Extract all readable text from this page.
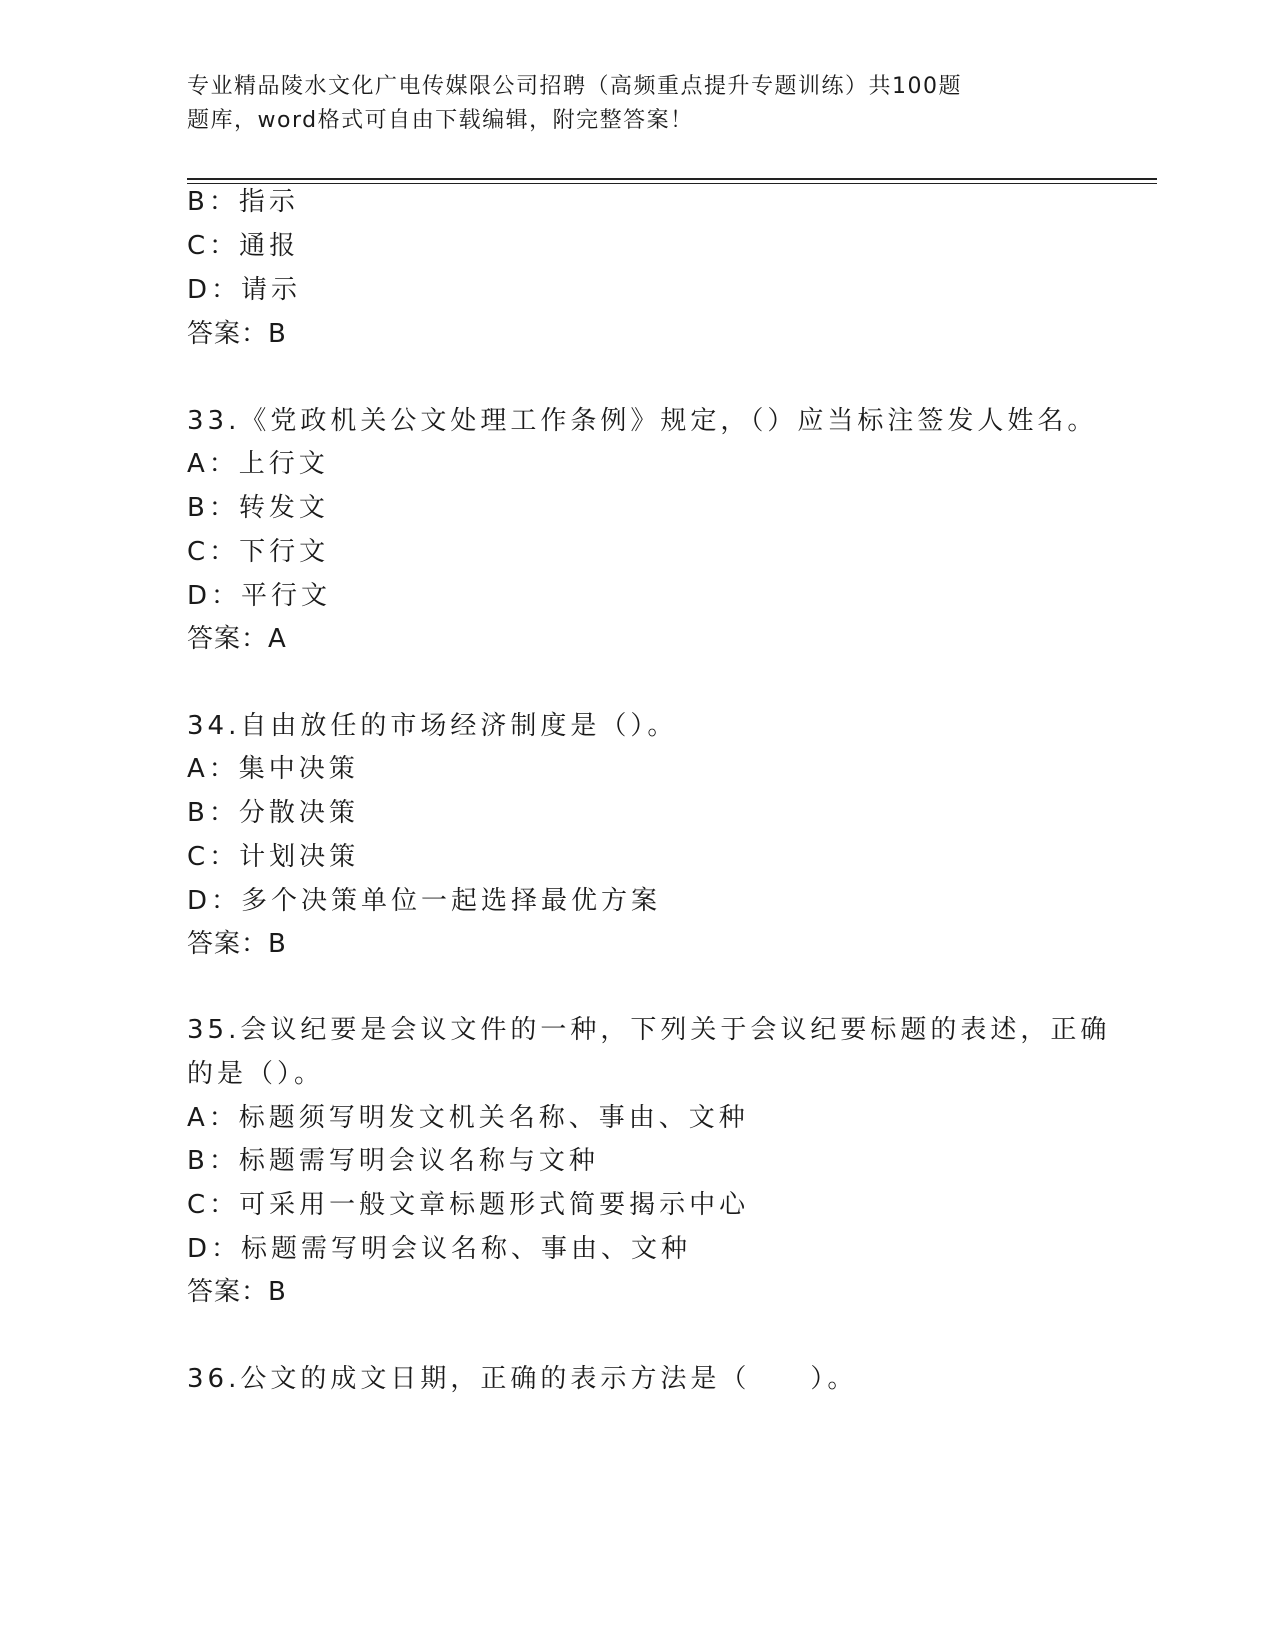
专业精品陵水文化广电传媒限公司招聘（高频重点提升专题训练）共100题
题库，word格式可自由下载编辑，附完整答案！
B：指示
C：通报
D：请示
答案：B
33.《党政机关公文处理工作条例》规定，（）应当标注签发人姓名。
A：上行文
B：转发文
C：下行文
D：平行文
答案：A
34.自由放任的市场经济制度是（）。
A：集中决策
B：分散决策
C：计划决策
D：多个决策单位一起选择最优方案
答案：B
35.会议纪要是会议文件的一种，下列关于会议纪要标题的表述，正确
的是（）。
A：标题须写明发文机关名称、事由、文种
B：标题需写明会议名称与文种
C：可采用一般文章标题形式简要揭示中心
D：标题需写明会议名称、事由、文种
答案：B
36.公文的成文日期，正确的表示方法是（　　）。
